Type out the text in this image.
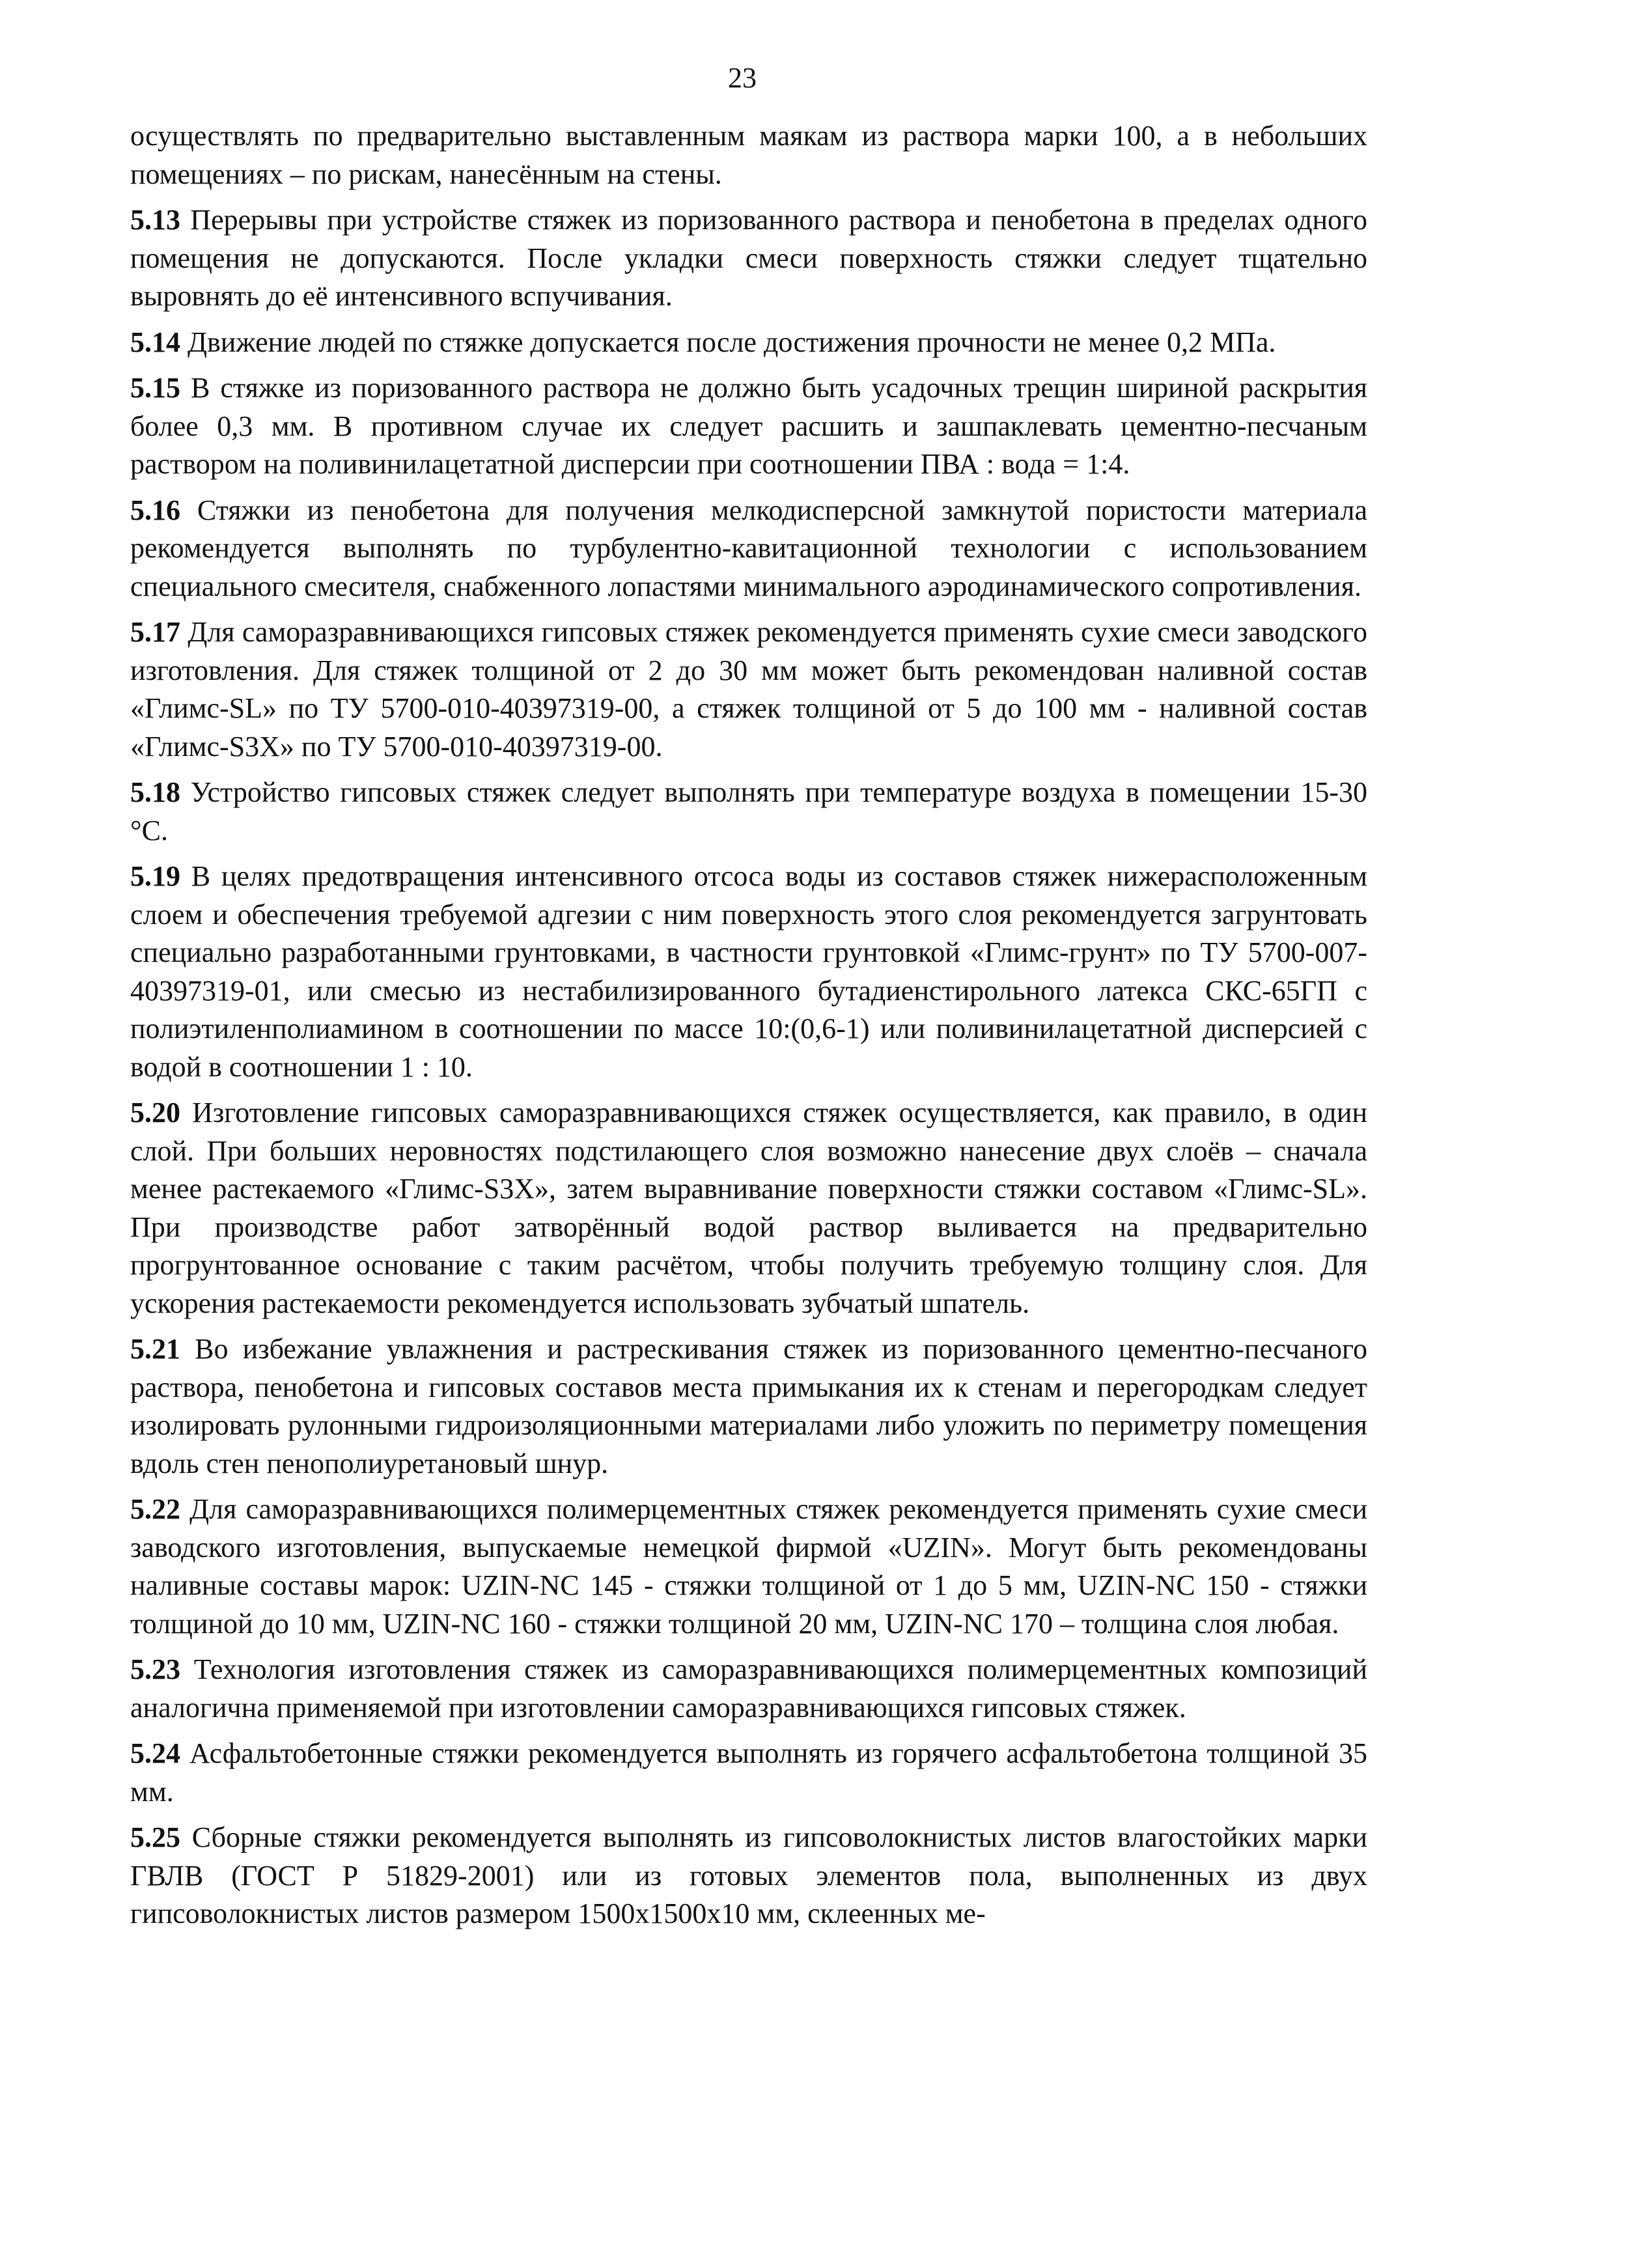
23

осуществлять по предварительно выставленным маякам из раствора марки 100, а в небольших помещениях – по рискам, нанесённым на стены.

5.13 Перерывы при устройстве стяжек из поризованного раствора и пенобетона в пределах одного помещения не допускаются. После укладки смеси поверхность стяжки следует тщательно выровнять до её интенсивного вспучивания.

5.14 Движение людей по стяжке допускается после достижения прочности не менее 0,2 МПа.

5.15 В стяжке из поризованного раствора не должно быть усадочных трещин шириной раскрытия более 0,3 мм. В противном случае их следует расшить и зашпаклевать цементно-песчаным раствором на поливинилацетатной дисперсии при соотношении ПВА : вода = 1:4.

5.16 Стяжки из пенобетона для получения мелкодисперсной замкнутой пористости материала рекомендуется выполнять по турбулентно-кавитационной технологии с использованием специального смесителя, снабженного лопастями минимального аэродинамического сопротивления.

5.17 Для саморазравнивающихся гипсовых стяжек рекомендуется применять сухие смеси заводского изготовления. Для стяжек толщиной от 2 до 30 мм может быть рекомендован наливной состав «Глимс-SL» по ТУ 5700-010-40397319-00, а стяжек толщиной от 5 до 100 мм - наливной состав «Глимс-S3X» по ТУ 5700-010-40397319-00.

5.18 Устройство гипсовых стяжек следует выполнять при температуре воздуха в помещении 15-30 °С.

5.19 В целях предотвращения интенсивного отсоса воды из составов стяжек нижерасположенным слоем и обеспечения требуемой адгезии с ним поверхность этого слоя рекомендуется загрунтовать специально разработанными грунтовками, в частности грунтовкой «Глимс-грунт» по ТУ 5700-007-40397319-01, или смесью из нестабилизированного бутадиенстирольного латекса СКС-65ГП с полиэтиленполиамином в соотношении по массе 10:(0,6-1) или поливинилацетатной дисперсией с водой в соотношении 1 : 10.

5.20 Изготовление гипсовых саморазравнивающихся стяжек осуществляется, как правило, в один слой. При больших неровностях подстилающего слоя возможно нанесение двух слоёв – сначала менее растекаемого «Глимс-S3X», затем выравнивание поверхности стяжки составом «Глимс-SL». При производстве работ затворённый водой раствор выливается на предварительно прогрунтованное основание с таким расчётом, чтобы получить требуемую толщину слоя. Для ускорения растекаемости рекомендуется использовать зубчатый шпатель.

5.21 Во избежание увлажнения и растрескивания стяжек из поризованного цементно-песчаного раствора, пенобетона и гипсовых составов места примыкания их к стенам и перегородкам следует изолировать рулонными гидроизоляционными материалами либо уложить по периметру помещения вдоль стен пенополиуретановый шнур.

5.22 Для саморазравнивающихся полимерцементных стяжек рекомендуется применять сухие смеси заводского изготовления, выпускаемые немецкой фирмой «UZIN». Могут быть рекомендованы наливные составы марок: UZIN-NC 145 - стяжки толщиной от 1 до 5 мм, UZIN-NC 150 - стяжки толщиной до 10 мм, UZIN-NC 160 - стяжки толщиной 20 мм, UZIN-NC 170 – толщина слоя любая.

5.23 Технология изготовления стяжек из саморазравнивающихся полимерцементных композиций аналогична применяемой при изготовлении саморазравнивающихся гипсовых стяжек.

5.24 Асфальтобетонные стяжки рекомендуется выполнять из горячего асфальтобетона толщиной 35 мм.

5.25 Сборные стяжки рекомендуется выполнять из гипсоволокнистых листов влагостойких марки ГВЛВ (ГОСТ Р 51829-2001) или из готовых элементов пола, выполненных из двух гипсоволокнистых листов размером 1500x1500x10 мм, склеенных ме-
